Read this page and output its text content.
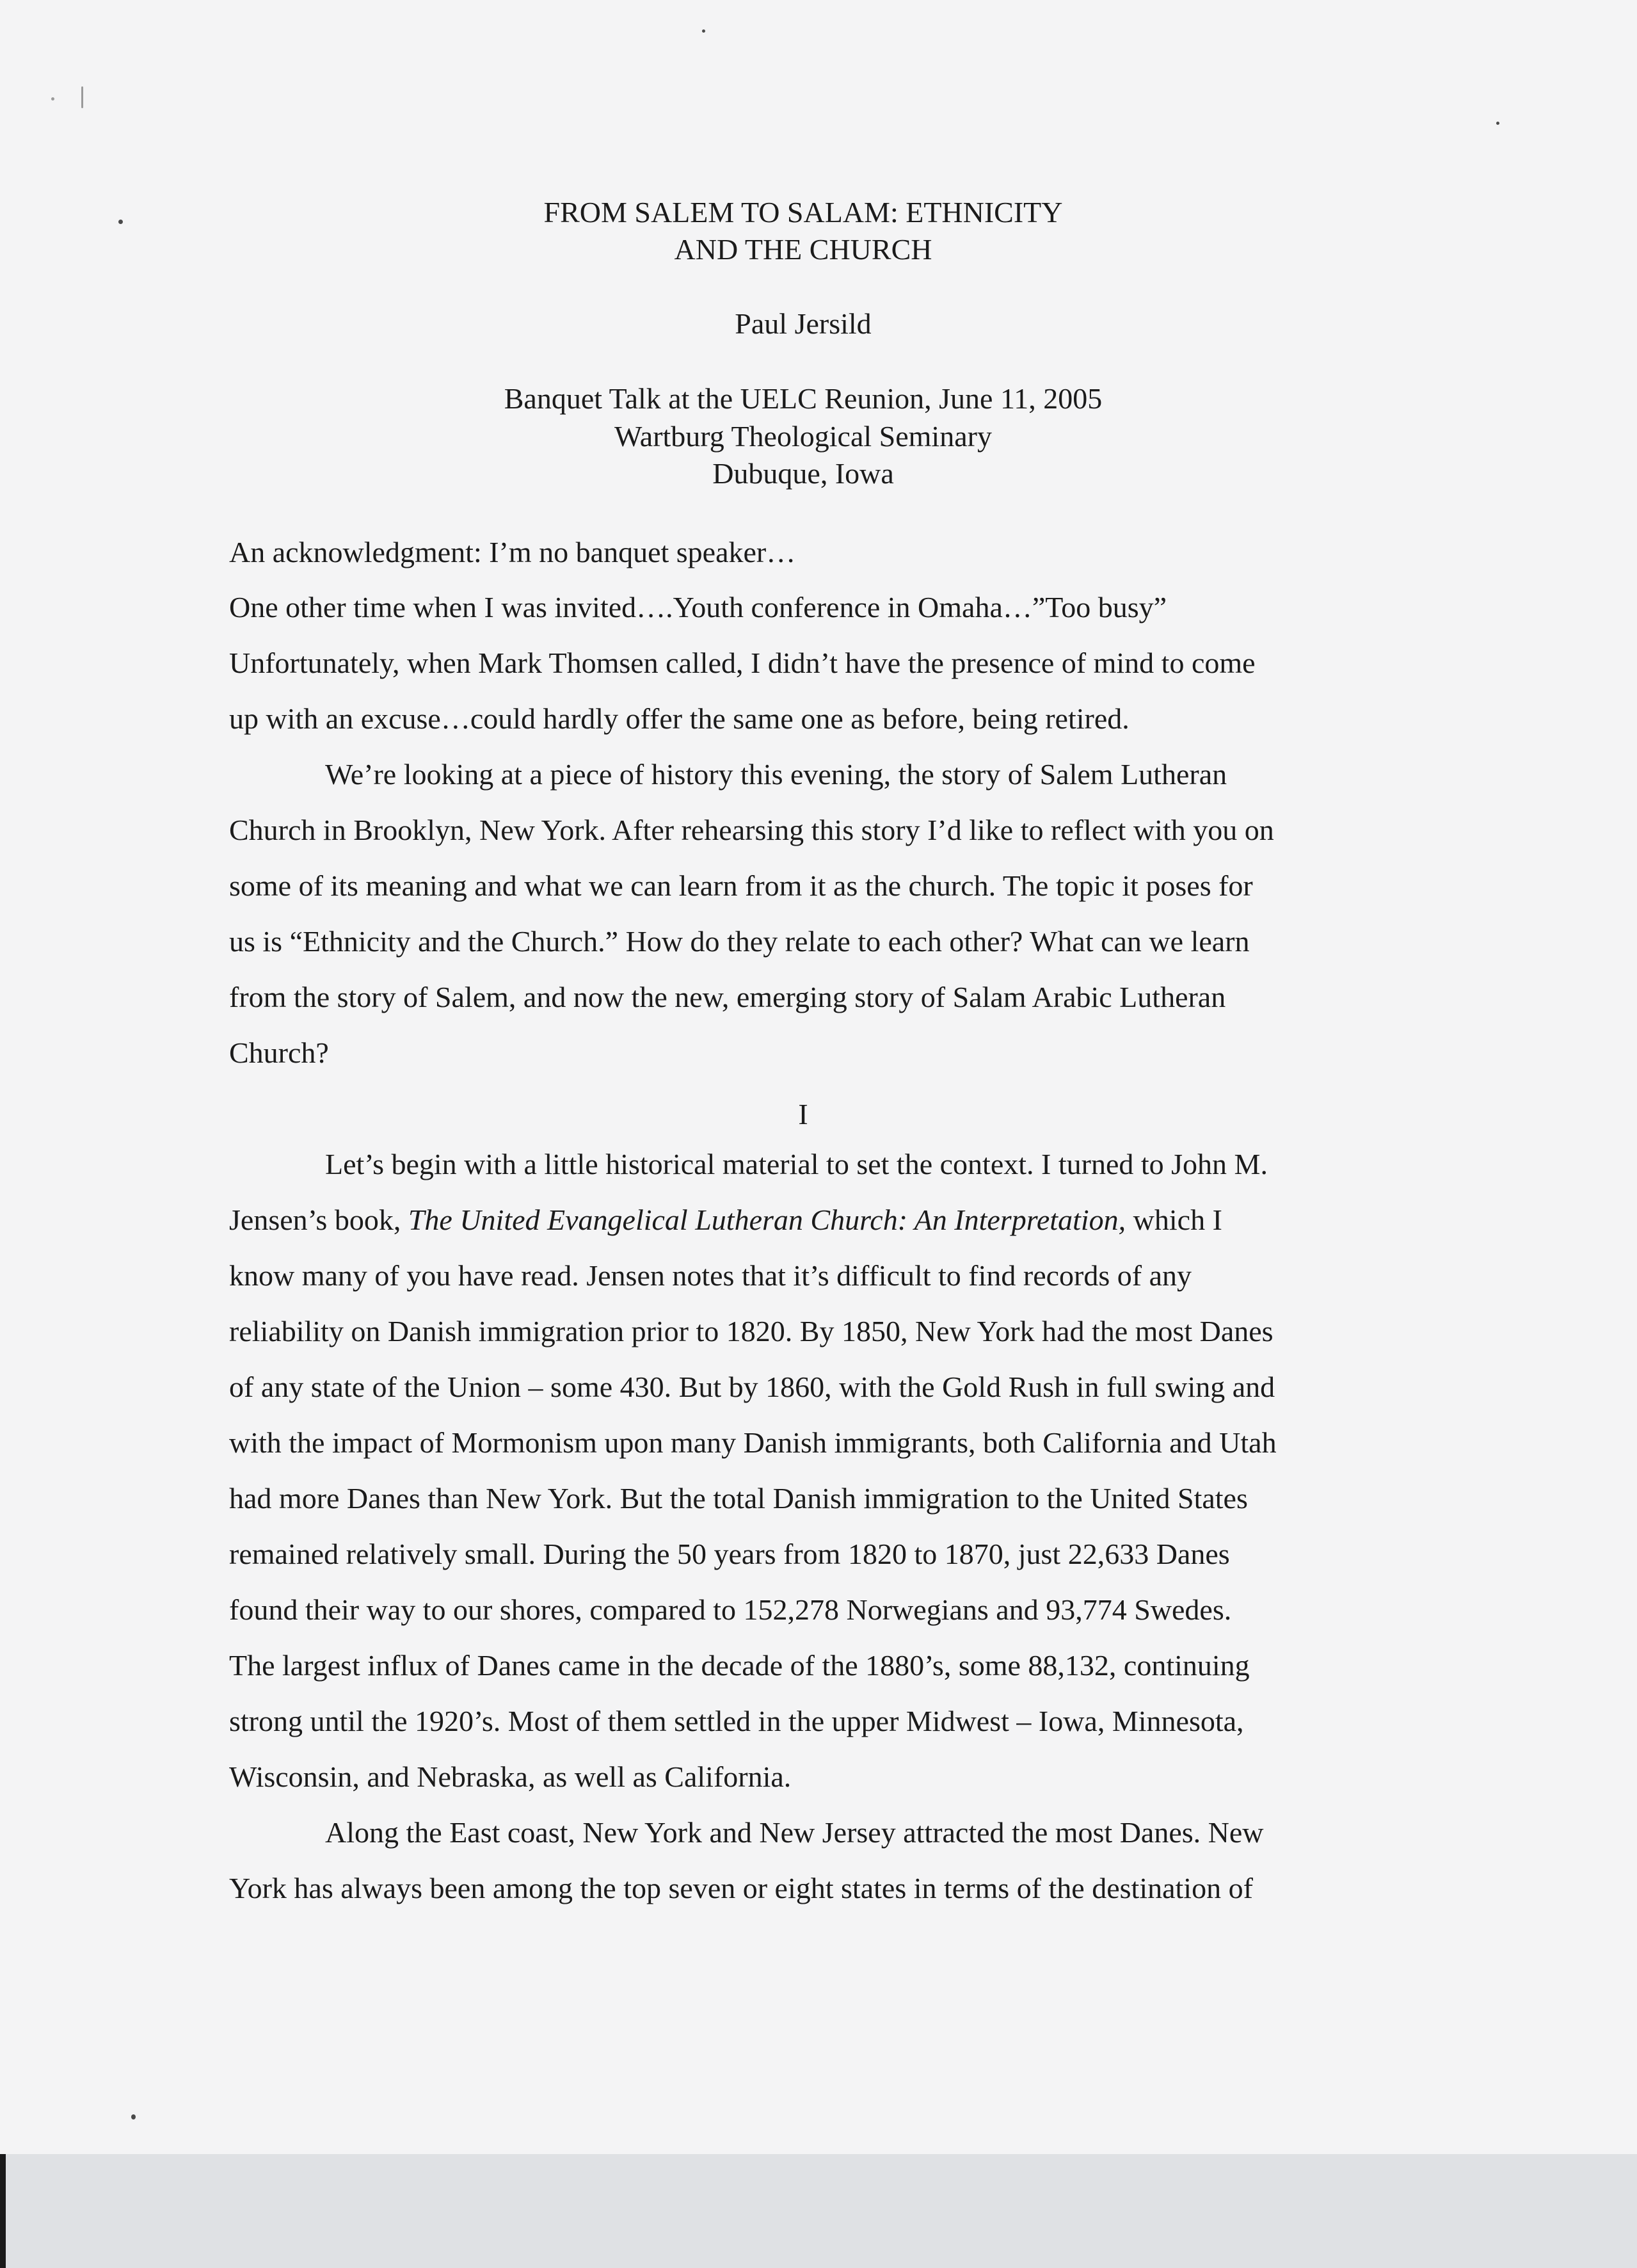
FROM SALEM TO SALAM: ETHNICITY
AND THE CHURCH
Paul Jersild
Banquet Talk at the UELC Reunion, June 11, 2005
Wartburg Theological Seminary
Dubuque, Iowa
An acknowledgment: I’m no banquet speaker…
One other time when I was invited….Youth conference in Omaha…”Too busy”
Unfortunately, when Mark Thomsen called, I didn’t have the presence of mind to come
up with an excuse…could hardly offer the same one as before, being retired.
We’re looking at a piece of history this evening, the story of Salem Lutheran
Church in Brooklyn, New York. After rehearsing this story I’d like to reflect with you on
some of its meaning and what we can learn from it as the church. The topic it poses for
us is “Ethnicity and the Church.” How do they relate to each other? What can we learn
from the story of Salem, and now the new, emerging story of Salam Arabic Lutheran
Church?
I
Let’s begin with a little historical material to set the context. I turned to John M.
Jensen’s book, The United Evangelical Lutheran Church: An Interpretation, which I
know many of you have read. Jensen notes that it’s difficult to find records of any
reliability on Danish immigration prior to 1820. By 1850, New York had the most Danes
of any state of the Union – some 430. But by 1860, with the Gold Rush in full swing and
with the impact of Mormonism upon many Danish immigrants, both California and Utah
had more Danes than New York. But the total Danish immigration to the United States
remained relatively small. During the 50 years from 1820 to 1870, just 22,633 Danes
found their way to our shores, compared to 152,278 Norwegians and 93,774 Swedes.
The largest influx of Danes came in the decade of the 1880’s, some 88,132, continuing
strong until the 1920’s. Most of them settled in the upper Midwest – Iowa, Minnesota,
Wisconsin, and Nebraska, as well as California.
Along the East coast, New York and New Jersey attracted the most Danes. New
York has always been among the top seven or eight states in terms of the destination of
